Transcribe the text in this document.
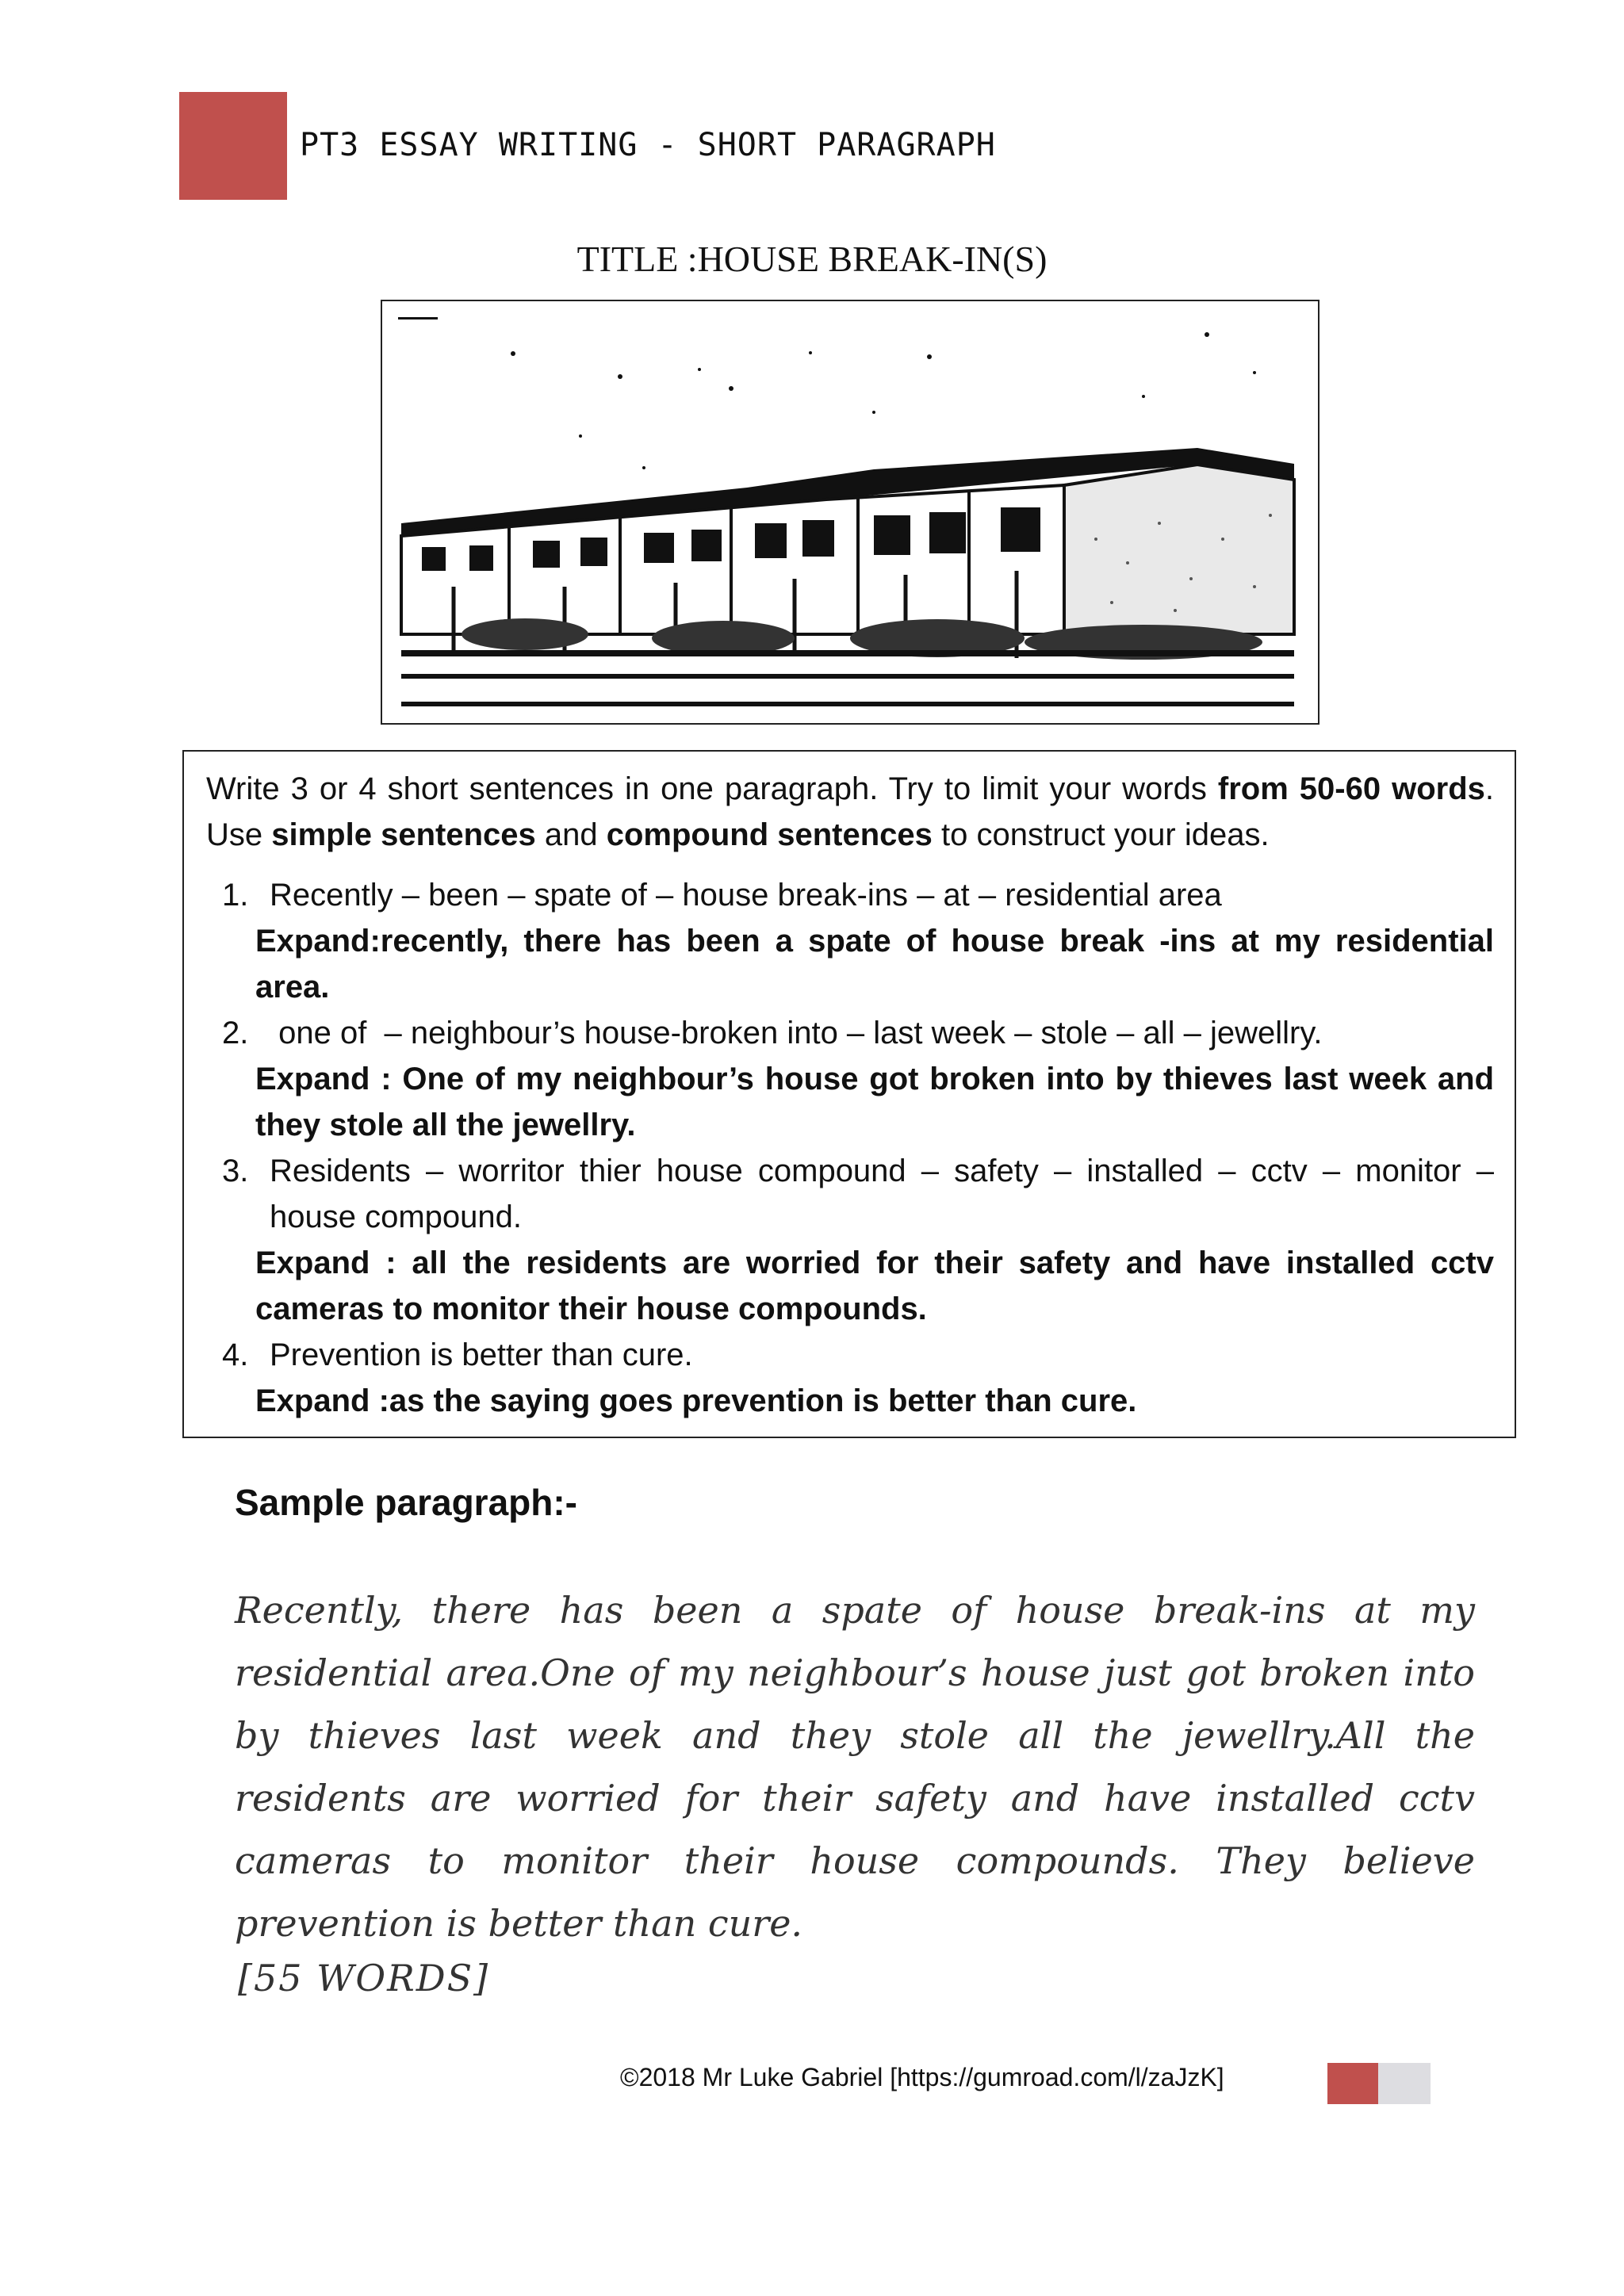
PT3 ESSAY WRITING - SHORT PARAGRAPH
TITLE :HOUSE BREAK-IN(S)

Write 3 or 4 short sentences in one paragraph. Try to limit your words from 50-60 words. Use simple sentences and compound sentences to construct your ideas.

1. Recently – been – spate of – house break-ins – at – residential area
Expand:recently, there has been a spate of house break -ins at my residential area.
2. one of  – neighbour’s house-broken into – last week – stole – all – jewellry.
Expand : One of my neighbour’s house got broken into by thieves last week and they stole all the jewellry.
3. Residents – worritor thier house compound – safety – installed – cctv – monitor – house compound.
Expand : all the residents are worried for their safety and have installed cctv cameras to monitor their house compounds.
4. Prevention is better than cure.
Expand :as the saying goes prevention is better than cure.
Sample paragraph:-
Recently, there has been a spate of house break-ins at my residential area.One of my neighbour’s house just got broken into by thieves last week and they stole all the jewellry.All the residents are worried for their safety and have installed cctv cameras to monitor their house compounds. They believe prevention is better than cure.
[55 WORDS]
©2018 Mr Luke Gabriel [https://gumroad.com/l/zaJzK]
